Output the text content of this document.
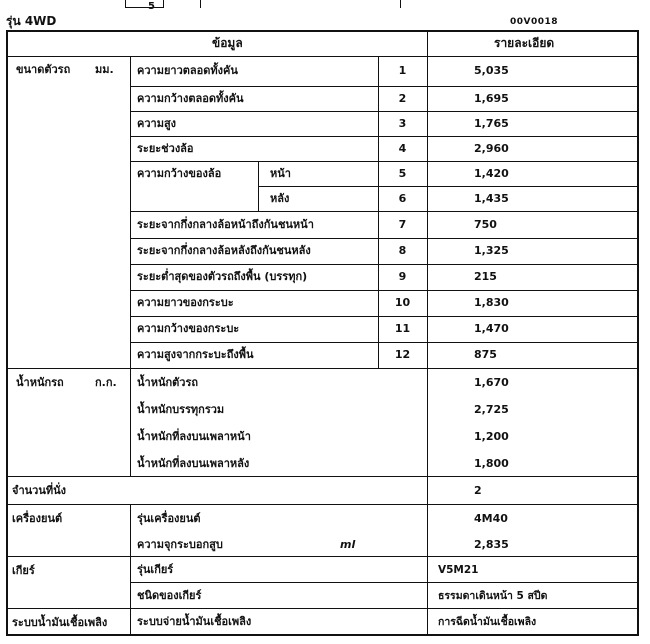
5
รุ่น 4WD	00V0018
ข้อมูล	รายละเอียด
ขนาดตัวรถ มม. ความยาวตลอดทั้งคัน	1	5,035
ความกว้างตลอดทั้งคัน	2	1,695
ความสูง	3	1,765
ระยะช่วงล้อ	4	2,960
ความกว้างของล้อ	หน้า	5	1,420
หลัง	6	1,435
ระยะจากกึ่งกลางล้อหน้าถึงกันชนหน้า	7	750
ระยะจากกึ่งกลางล้อหลังถึงกันชนหลัง	8	1,325
ระยะต่ำสุดของตัวรถถึงพื้น (บรรทุก)	9	215
ความยาวของกระบะ	10	1,830
ความกว้างของกระบะ	11	1,470
ความสูงจากกระบะถึงพื้น	12	875
น้ำหนักรถ	ก.ก. น้ำหนักตัวรถ	1,670
น้ำหนักบรรทุกรวม	2,725
น้ำหนักที่ลงบนเพลาหน้า	1,200
น้ำหนักที่ลงบนเพลาหลัง	1,800
จำนวนที่นั่ง	2
เครื่องยนต์	รุ่นเครื่องยนต์	4M40
ความจุกระบอกสูบ	ml	2,835
เกียร์	รุ่นเกียร์	V5M21
ชนิดของเกียร์	ธรรมดาเดินหน้า 5 สปีด
ระบบน้ำมันเชื้อเพลิง	ระบบจ่ายน้ำมันเชื้อเพลิง	การฉีดน้ำมันเชื้อเพลิง
